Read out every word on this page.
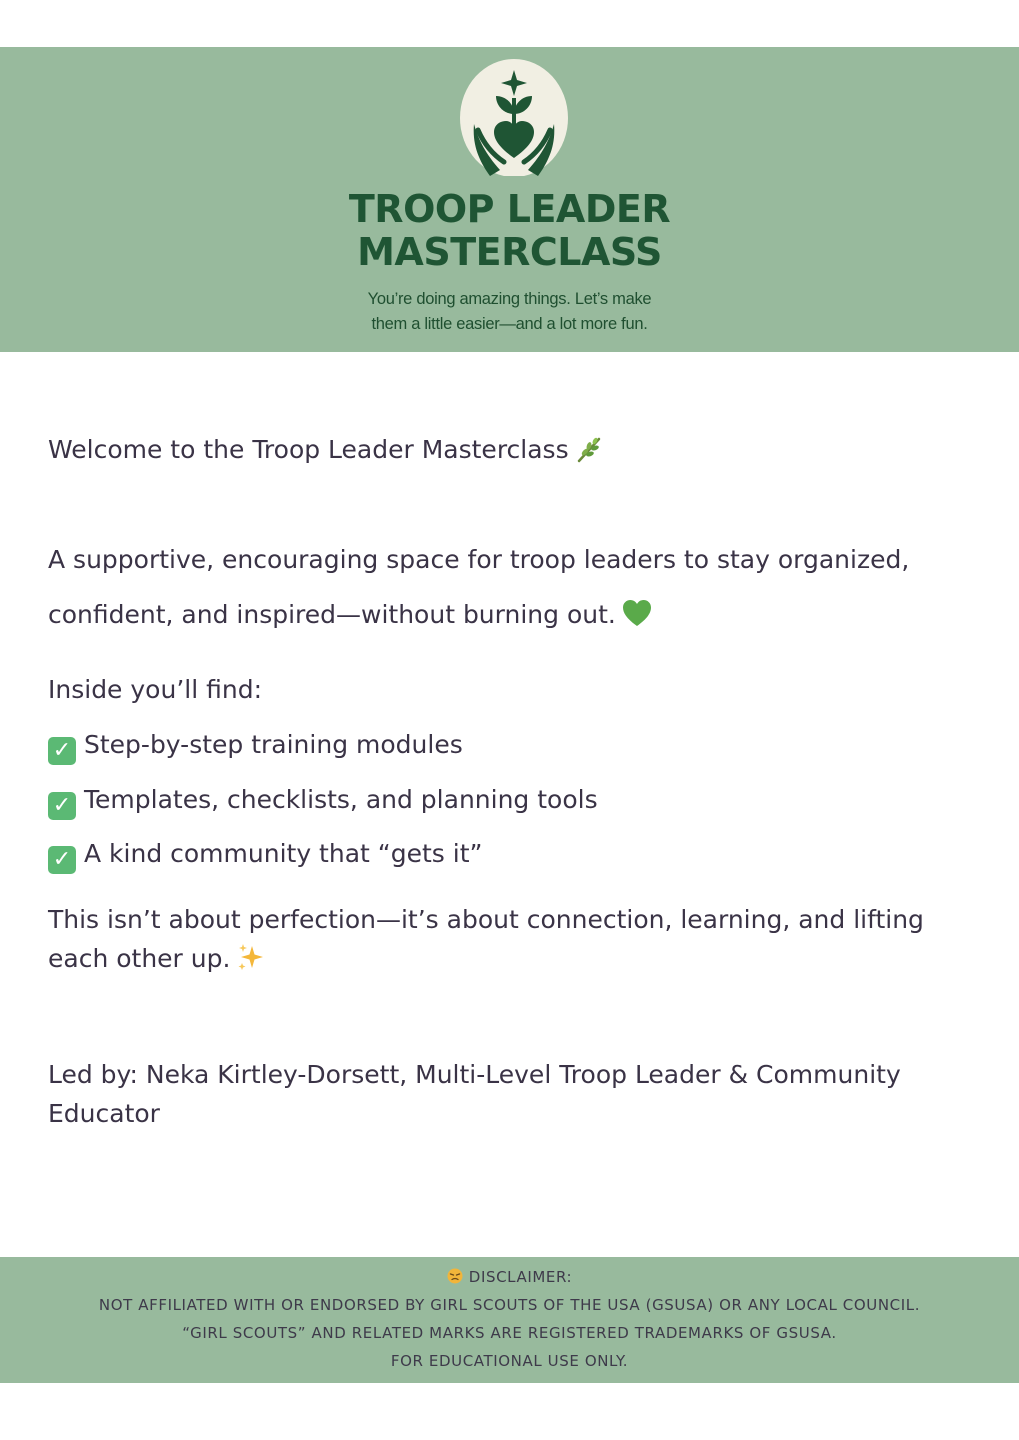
TROOP LEADER
MASTERCLASS
You’re doing amazing things. Let’s make
them a little easier—and a lot more fun.
Welcome to the Troop Leader Masterclass
A supportive, encouraging space for troop leaders to stay organized,
confident, and inspired—without burning out.
Inside you’ll find:
✓ Step-by-step training modules
✓ Templates, checklists, and planning tools
✓ A kind community that “gets it”
This isn’t about perfection—it’s about connection, learning, and lifting
each other up.
Led by: Neka Kirtley-Dorsett, Multi-Level Troop Leader & Community
Educator
DISCLAIMER:
NOT AFFILIATED WITH OR ENDORSED BY GIRL SCOUTS OF THE USA (GSUSA) OR ANY LOCAL COUNCIL.
“GIRL SCOUTS” AND RELATED MARKS ARE REGISTERED TRADEMARKS OF GSUSA.
FOR EDUCATIONAL USE ONLY.
